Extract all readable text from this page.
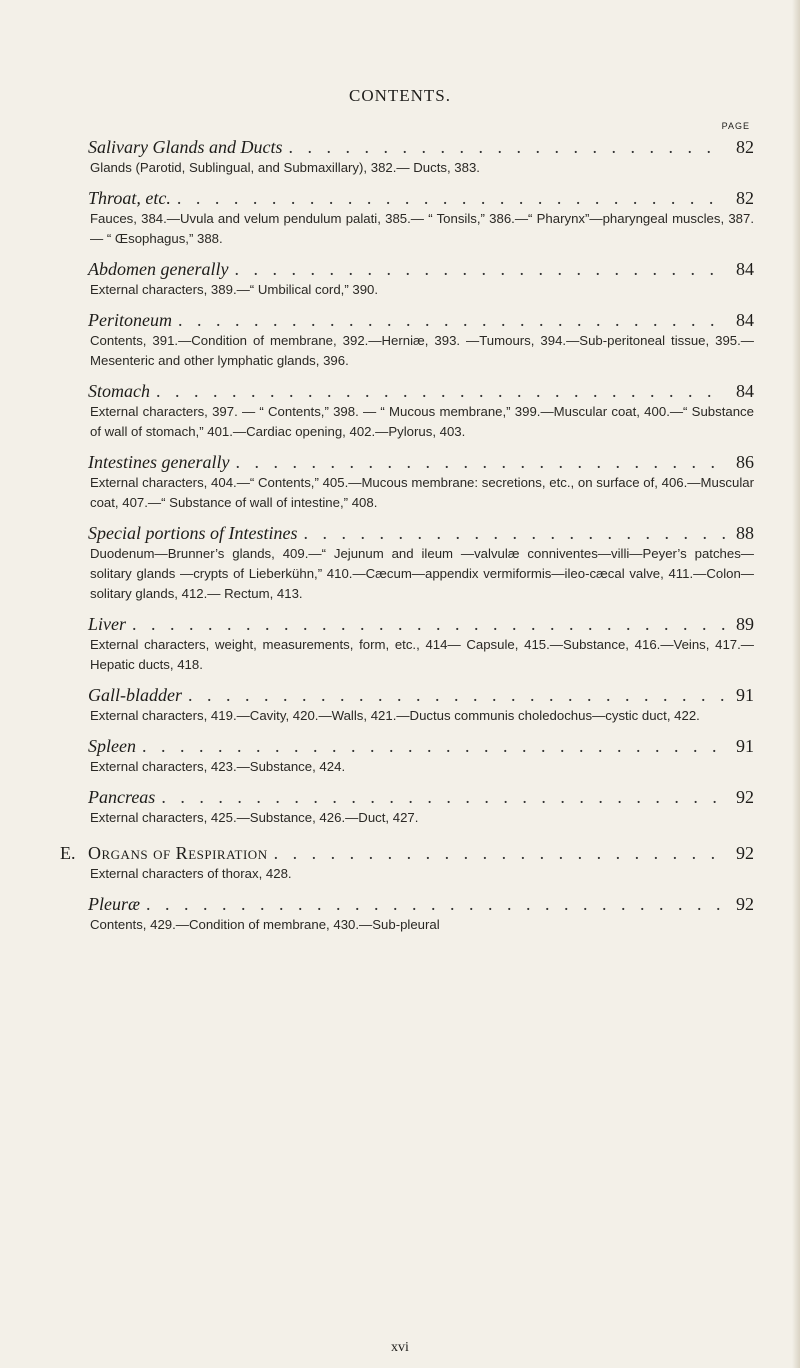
CONTENTS.
PAGE
Salivary Glands and Ducts . . .	82
Glands (Parotid, Sublingual, and Submaxillary), 382.— Ducts, 383.
Throat, etc. . . .	82
Fauces, 384.—Uvula and velum pendulum palati, 385.— “ Tonsils,” 386.—“ Pharynx”—pharyngeal muscles, 387.— “ Œsophagus,” 388.
Abdomen generally . . .	84
External characters, 389.—“ Umbilical cord,” 390.
Peritoneum . . .	84
Contents, 391.—Condition of membrane, 392.—Herniæ, 393. —Tumours, 394.—Sub-peritoneal tissue, 395.—Mesenteric and other lymphatic glands, 396.
Stomach . . .	84
External characters, 397. — “ Contents,” 398. — “ Mucous membrane,” 399.—Muscular coat, 400.—“ Substance of wall of stomach,” 401.—Cardiac opening, 402.—Pylorus, 403.
Intestines generally . . .	86
External characters, 404.—“ Contents,” 405.—Mucous membrane: secretions, etc., on surface of, 406.—Muscular coat, 407.—“ Substance of wall of intestine,” 408.
Special portions of Intestines . . .	88
Duodenum—Brunner’s glands, 409.—“ Jejunum and ileum —valvulæ conniventes—villi—Peyer’s patches—solitary glands —crypts of Lieberkühn,” 410.—Cæcum—appendix vermiformis—ileo-cæcal valve, 411.—Colon—solitary glands, 412.— Rectum, 413.
Liver . . .	89
External characters, weight, measurements, form, etc., 414— Capsule, 415.—Substance, 416.—Veins, 417.—Hepatic ducts, 418.
Gall-bladder . . .	91
External characters, 419.—Cavity, 420.—Walls, 421.—Ductus communis choledochus—cystic duct, 422.
Spleen . . .	91
External characters, 423.—Substance, 424.
Pancreas . . .	92
External characters, 425.—Substance, 426.—Duct, 427.
E. Organs of Respiration . . .	92
External characters of thorax, 428.
Pleuræ . . .	92
Contents, 429.—Condition of membrane, 430.—Sub-pleural
xvi
